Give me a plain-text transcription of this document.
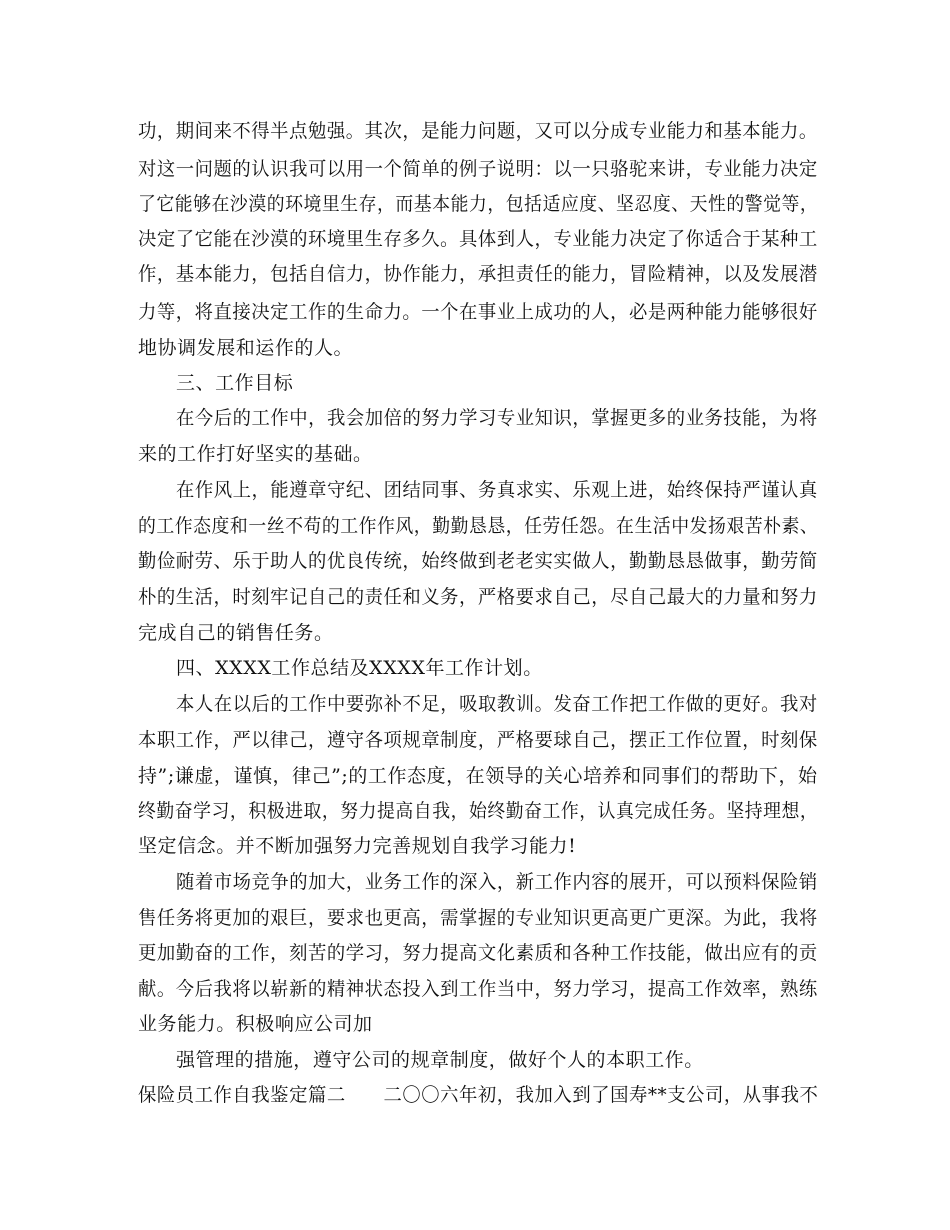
功，期间来不得半点勉强。其次，是能力问题，又可以分成专业能力和基本能力。
对这一问题的认识我可以用一个简单的例子说明：以一只骆驼来讲，专业能力决定
了它能够在沙漠的环境里生存，而基本能力，包括适应度、坚忍度、天性的警觉等，
决定了它能在沙漠的环境里生存多久。具体到人，专业能力决定了你适合于某种工
作，基本能力，包括自信力，协作能力，承担责任的能力，冒险精神，以及发展潜
力等，将直接决定工作的生命力。一个在事业上成功的人，必是两种能力能够很好
地协调发展和运作的人。
三、工作目标
在今后的工作中，我会加倍的努力学习专业知识，掌握更多的业务技能，为将
来的工作打好坚实的基础。
在作风上，能遵章守纪、团结同事、务真求实、乐观上进，始终保持严谨认真
的工作态度和一丝不苟的工作作风，勤勤恳恳，任劳任怨。在生活中发扬艰苦朴素、
勤俭耐劳、乐于助人的优良传统，始终做到老老实实做人，勤勤恳恳做事，勤劳简
朴的生活，时刻牢记自己的责任和义务，严格要求自己，尽自己最大的力量和努力
完成自己的销售任务。
四、XXXX工作总结及XXXX年工作计划。
本人在以后的工作中要弥补不足，吸取教训。发奋工作把工作做的更好。我对
本职工作，严以律己，遵守各项规章制度，严格要球自己，摆正工作位置，时刻保
持”;谦虚，谨慎，律己”;的工作态度，在领导的关心培养和同事们的帮助下，始
终勤奋学习，积极进取，努力提高自我，始终勤奋工作，认真完成任务。坚持理想，
坚定信念。并不断加强努力完善规划自我学习能力!
随着市场竞争的加大，业务工作的深入，新工作内容的展开，可以预料保险销
售任务将更加的艰巨，要求也更高，需掌握的专业知识更高更广更深。为此，我将
更加勤奋的工作，刻苦的学习，努力提高文化素质和各种工作技能，做出应有的贡
献。今后我将以崭新的精神状态投入到工作当中，努力学习，提高工作效率，熟练
业务能力。积极响应公司加
强管理的措施，遵守公司的规章制度，做好个人的本职工作。
保险员工作自我鉴定篇二　　二〇〇六年初，我加入到了国寿**支公司，从事我不
